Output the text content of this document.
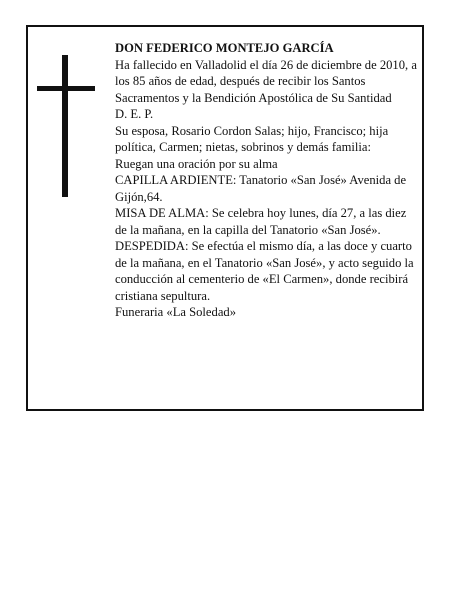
DON FEDERICO MONTEJO GARCÍA

Ha fallecido en Valladolid el día 26 de diciembre de 2010, a los 85 años de edad, después de recibir los Santos Sacramentos y la Bendición Apostólica de Su Santidad

D. E. P.

Su esposa, Rosario Cordon Salas; hijo, Francisco; hija política, Carmen; nietas, sobrinos y demás familia:

Ruegan una oración por su alma

CAPILLA ARDIENTE: Tanatorio «San José» Avenida de Gijón,64.

MISA DE ALMA: Se celebra hoy lunes, día 27, a las diez de la mañana, en la capilla del Tanatorio «San José».

DESPEDIDA: Se efectúa el mismo día, a las doce y cuarto de la mañana, en el Tanatorio «San José», y acto seguido la conducción al cementerio de «El Carmen», donde recibirá cristiana sepultura.

Funeraria «La Soledad»
